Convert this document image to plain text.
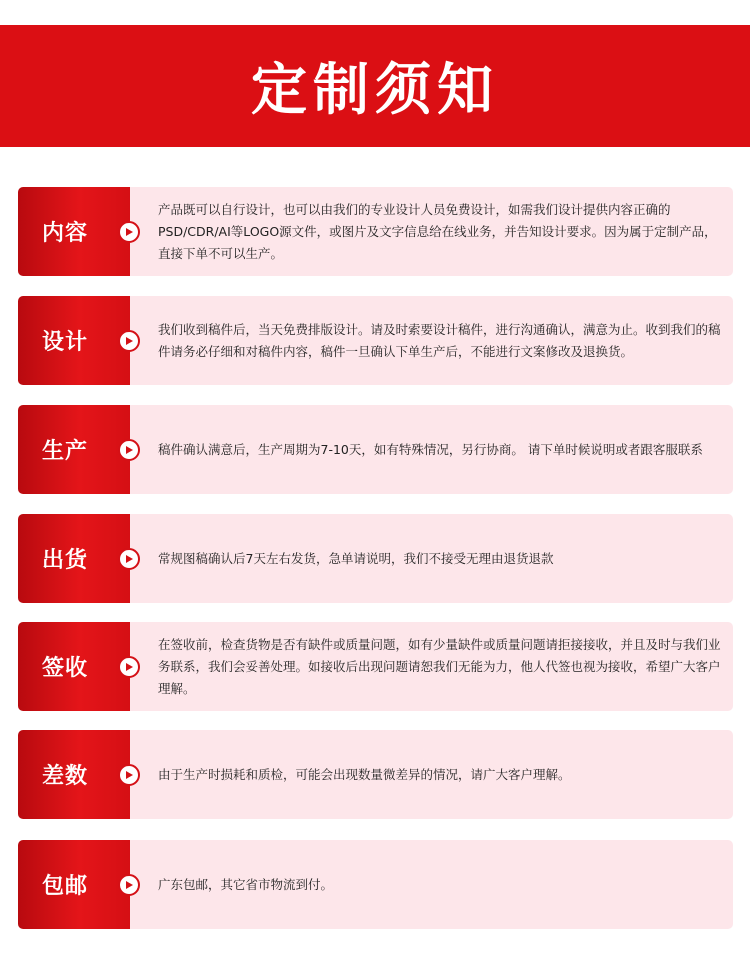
定制须知
内容
产品既可以自行设计，也可以由我们的专业设计人员免费设计，如需我们设计提供内容正确的PSD/CDR/AI等LOGO源文件，或图片及文字信息给在线业务，并告知设计要求。因为属于定制产品，直接下单不可以生产。
设计
我们收到稿件后，当天免费排版设计。请及时索要设计稿件，进行沟通确认，满意为止。收到我们的稿件请务必仔细和对稿件内容，稿件一旦确认下单生产后，不能进行文案修改及退换货。
生产	稿件确认满意后，生产周期为7-10天，如有特殊情况，另行协商。 请下单时候说明或者跟客服联系
出货	常规图稿确认后7天左右发货，急单请说明，我们不接受无理由退货退款
签收
在签收前，检查货物是否有缺件或质量问题，如有少量缺件或质量问题请拒接接收，并且及时与我们业务联系，我们会妥善处理。如接收后出现问题请恕我们无能为力，他人代签也视为接收，希望广大客户理解。
差数	由于生产时损耗和质检，可能会出现数量微差异的情况，请广大客户理解。
包邮	广东包邮，其它省市物流到付。
